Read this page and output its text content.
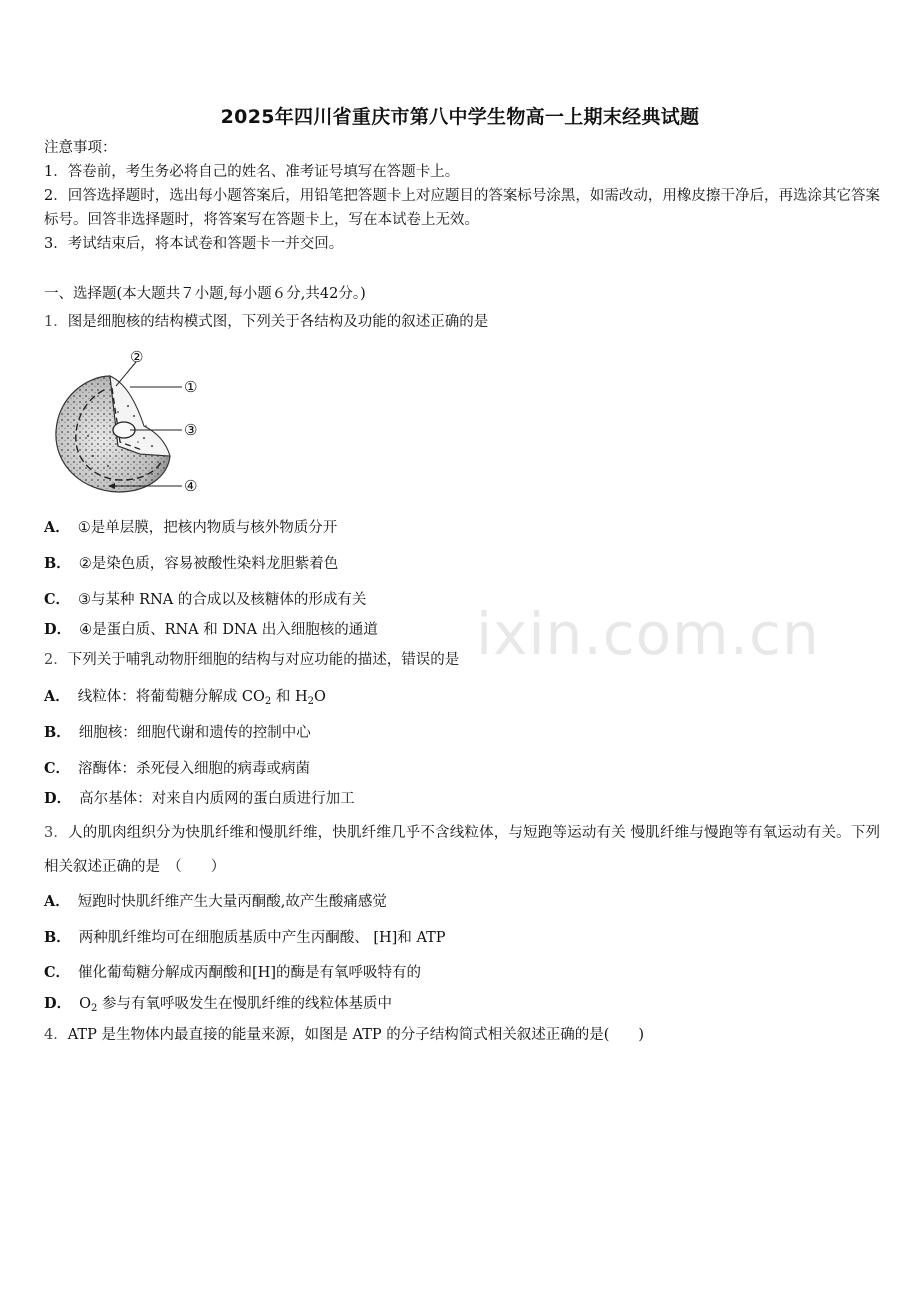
2025年四川省重庆市第八中学生物高一上期末经典试题
注意事项：
1．答卷前，考生务必将自己的姓名、准考证号填写在答题卡上。
2．回答选择题时，选出每小题答案后，用铅笔把答题卡上对应题目的答案标号涂黑，如需改动，用橡皮擦干净后，再选涂其它答案标号。回答非选择题时，将答案写在答题卡上，写在本试卷上无效。
3．考试结束后，将本试卷和答题卡一并交回。
一、选择题(本大题共７小题,每小题６分,共42分。)
1．图是细胞核的结构模式图，下列关于各结构及功能的叙述正确的是
②
①
③
④
A． ①是单层膜，把核内物质与核外物质分开
B． ②是染色质，容易被酸性染料龙胆紫着色
C． ③与某种 RNA 的合成以及核糖体的形成有关
D． ④是蛋白质、RNA 和 DNA 出入细胞核的通道 ixin.com.cn
2．下列关于哺乳动物肝细胞的结构与对应功能的描述，错误的是
A． 线粒体：将葡萄糖分解成 $CO_2$ 和 $H_2O$
B． 细胞核：细胞代谢和遗传的控制中心
C． 溶酶体：杀死侵入细胞的病毒或病菌
D． 高尔基体：对来自内质网的蛋白质进行加工
3．人的肌肉组织分为快肌纤维和慢肌纤维，快肌纤维几乎不含线粒体，与短跑等运动有关 慢肌纤维与慢跑等有氧运动有关。下列相关叙述正确的是　（　　）
A． 短跑时快肌纤维产生大量丙酮酸,故产生酸痛感觉
B． 两种肌纤维均可在细胞质基质中产生丙酮酸、 [H]和 ATP
C． 催化葡萄糖分解成丙酮酸和[H]的酶是有氧呼吸特有的
D． $O_2$ 参与有氧呼吸发生在慢肌纤维的线粒体基质中
4．ATP 是生物体内最直接的能量来源，如图是 ATP 的分子结构简式相关叙述正确的是(　　)
